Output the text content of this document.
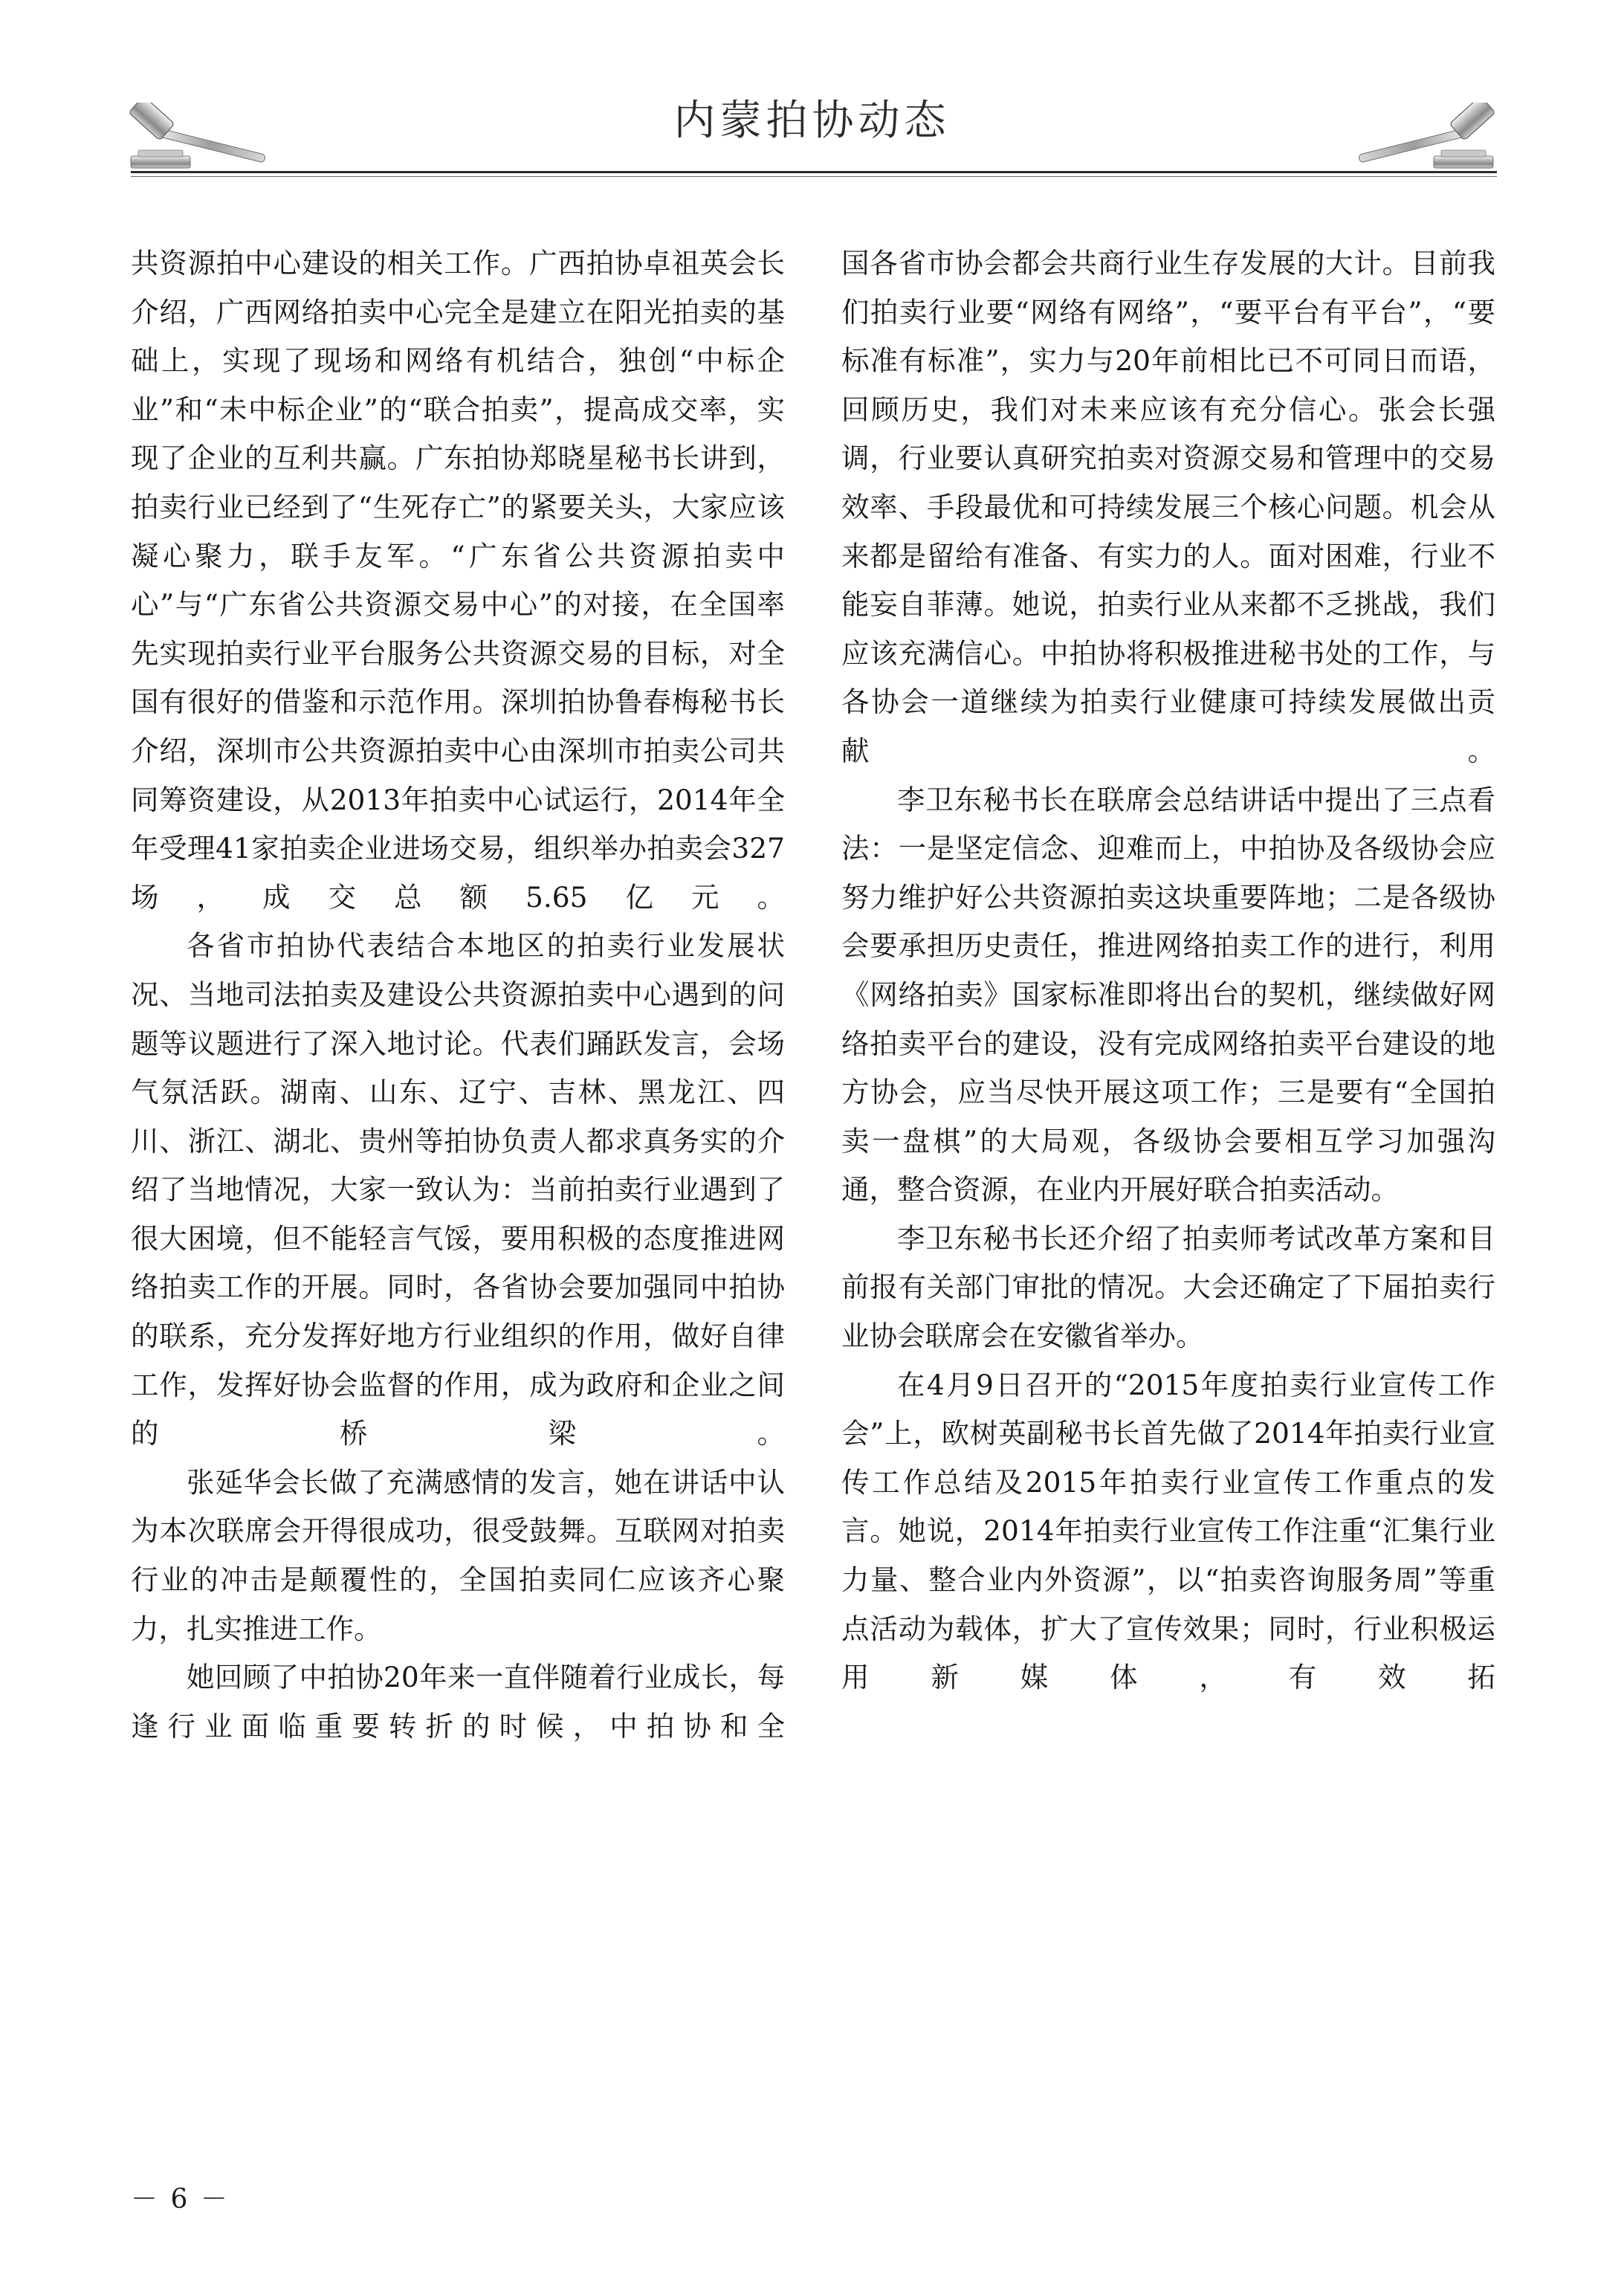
内蒙拍协动态

共资源拍中心建设的相关工作。广西拍协卓祖英会长介绍，广西网络拍卖中心完全是建立在阳光拍卖的基础上，实现了现场和网络有机结合，独创“中标企业”和“未中标企业”的“联合拍卖”，提高成交率，实现了企业的互利共赢。广东拍协郑晓星秘书长讲到，拍卖行业已经到了“生死存亡”的紧要关头，大家应该凝心聚力，联手友军。“广东省公共资源拍卖中心”与“广东省公共资源交易中心”的对接，在全国率先实现拍卖行业平台服务公共资源交易的目标，对全国有很好的借鉴和示范作用。深圳拍协鲁春梅秘书长介绍，深圳市公共资源拍卖中心由深圳市拍卖公司共同筹资建设，从2013年拍卖中心试运行，2014年全年受理41家拍卖企业进场交易，组织举办拍卖会327场，成交总额5.65亿元。

各省市拍协代表结合本地区的拍卖行业发展状况、当地司法拍卖及建设公共资源拍卖中心遇到的问题等议题进行了深入地讨论。代表们踊跃发言，会场气氛活跃。湖南、山东、辽宁、吉林、黑龙江、四川、浙江、湖北、贵州等拍协负责人都求真务实的介绍了当地情况，大家一致认为：当前拍卖行业遇到了很大困境，但不能轻言气馁，要用积极的态度推进网络拍卖工作的开展。同时，各省协会要加强同中拍协的联系，充分发挥好地方行业组织的作用，做好自律工作，发挥好协会监督的作用，成为政府和企业之间的桥梁。

张延华会长做了充满感情的发言，她在讲话中认为本次联席会开得很成功，很受鼓舞。互联网对拍卖行业的冲击是颠覆性的，全国拍卖同仁应该齐心聚力，扎实推进工作。

她回顾了中拍协20年来一直伴随着行业成长，每逢行业面临重要转折的时候，中拍协和全

国各省市协会都会共商行业生存发展的大计。目前我们拍卖行业要“网络有网络”，“要平台有平台”，“要标准有标准”，实力与20年前相比已不可同日而语，回顾历史，我们对未来应该有充分信心。张会长强调，行业要认真研究拍卖对资源交易和管理中的交易效率、手段最优和可持续发展三个核心问题。机会从来都是留给有准备、有实力的人。面对困难，行业不能妄自菲薄。她说，拍卖行业从来都不乏挑战，我们应该充满信心。中拍协将积极推进秘书处的工作，与各协会一道继续为拍卖行业健康可持续发展做出贡献。

李卫东秘书长在联席会总结讲话中提出了三点看法：一是坚定信念、迎难而上，中拍协及各级协会应努力维护好公共资源拍卖这块重要阵地；二是各级协会要承担历史责任，推进网络拍卖工作的进行，利用《网络拍卖》国家标准即将出台的契机，继续做好网络拍卖平台的建设，没有完成网络拍卖平台建设的地方协会，应当尽快开展这项工作；三是要有“全国拍卖一盘棋”的大局观，各级协会要相互学习加强沟通，整合资源，在业内开展好联合拍卖活动。

李卫东秘书长还介绍了拍卖师考试改革方案和目前报有关部门审批的情况。大会还确定了下届拍卖行业协会联席会在安徽省举办。

在4月9日召开的“2015年度拍卖行业宣传工作会”上，欧树英副秘书长首先做了2014年拍卖行业宣传工作总结及2015年拍卖行业宣传工作重点的发言。她说，2014年拍卖行业宣传工作注重“汇集行业力量、整合业内外资源”，以“拍卖咨询服务周”等重点活动为载体，扩大了宣传效果；同时，行业积极运用新媒体，有效拓

－ 6 －
